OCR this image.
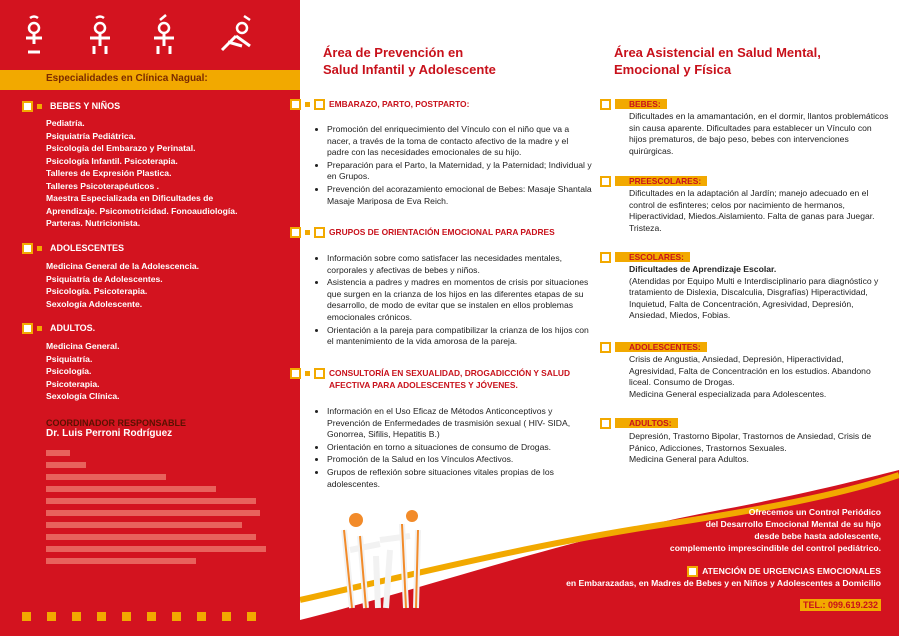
Especialidades en Clínica Nagual:
BEBES Y NIÑOS
Pediatría.
Psiquiatría Pediátrica.
Psicología del Embarazo y Perinatal.
Psicología Infantil. Psicoterapia.
Talleres de Expresión Plastica.
Talleres Psicoterapéuticos .
Maestra Especializada en Dificultades de
Aprendizaje. Psicomotricidad. Fonoaudiología.
Parteras. Nutricionista.
ADOLESCENTES
Medicina General de la Adolescencia.
Psiquiatría de Adolescentes.
Psicología. Psicoterapia.
Sexología Adolescente.
ADULTOS.
Medicina General.
Psiquiatría.
Psicología.
Psicoterapia.
Sexología Clínica.
COORDINADOR RESPONSABLE
Dr. Luis Perroni Rodríguez
Área de Prevención en
Salud Infantil y Adolescente
EMBARAZO, PARTO, POSTPARTO:
• Promoción del enriquecimiento del Vínculo con el niño que va a nacer, a través de la toma de contacto afectivo de la madre y el padre con las necesidades emocionales de su hijo.
• Preparación para el Parto, la Maternidad, y la Paternidad; Individual y en Grupos.
• Prevención del acorazamiento emocional de Bebes: Masaje Shantala Masaje Mariposa de Eva Reich.
GRUPOS DE ORIENTACIÓN EMOCIONAL PARA PADRES
• Información sobre como satisfacer las necesidades mentales, corporales y afectivas de bebes y niños.
• Asistencia a padres y madres en momentos de crisis por situaciones que surgen en la crianza de los hijos en las diferentes etapas de su desarrollo, de modo de evitar que se instalen en ellos problemas emocionales crónicos.
• Orientación a la pareja para compatibilizar la crianza de los hijos con el mantenimiento de la vida amorosa de la pareja.
CONSULTORÍA EN SEXUALIDAD, DROGADICCIÓN Y SALUD
AFECTIVA PARA ADOLESCENTES Y JÓVENES.
• Información en el Uso Eficaz de Métodos Anticonceptivos y Prevención de Enfermedades de trasmisión sexual ( HIV- SIDA, Gonorrea, Sifilis, Hepatitis B.)
• Orientación en torno a situaciones de consumo de Drogas.
• Promoción de la Salud en los Vínculos Afectivos.
• Grupos de reflexión sobre situaciones vitales propias de los adolescentes.
Área Asistencial en Salud Mental,
Emocional y Física
BEBES:
Dificultades en la amamantación, en el dormir, llantos problemáticos sin causa aparente. Dificultades para establecer un Vínculo con hijos prematuros, de bajo peso, bebes con intervenciones quirúrgicas.
PREESCOLARES:
Dificultades en la adaptación al Jardín; manejo adecuado en el control de esfinteres; celos por nacimiento de hermanos, Hiperactividad, Miedos.Aislamiento. Falta de ganas para Juegar. Tristeza.
ESCOLARES:
Dificultades de Aprendizaje Escolar.
(Atendidas por Equipo Multi e Interdisciplinario para diagnóstico y tratamiento de Dislexia, Discalculia, Disgrafías) Hiperactividad, Inquietud, Falta de Concentración, Agresividad, Depresión, Ansiedad, Miedos, Fobias.
ADOLESCENTES:
Crisis de Angustia, Ansiedad, Depresión, Hiperactividad, Agresividad, Falta de Concentración en los estudios. Abandono liceal. Consumo de Drogas.
Medicina General especializada para Adolescentes.
ADULTOS:
Depresión, Trastorno Bipolar, Trastornos de Ansiedad, Crisis de Pánico, Adicciones, Trastornos Sexuales.
Medicina General para Adultos.
Ofrecemos un Control Periódico
del Desarrollo Emocional Mental de su hijo
desde bebe hasta adolescente,
complemento imprescindible del control pediátrico.
ATENCIÓN DE URGENCIAS EMOCIONALES
en Embarazadas, en Madres de Bebes y en Niños y Adolescentes a Domicilio
TEL.: 099.619.232
